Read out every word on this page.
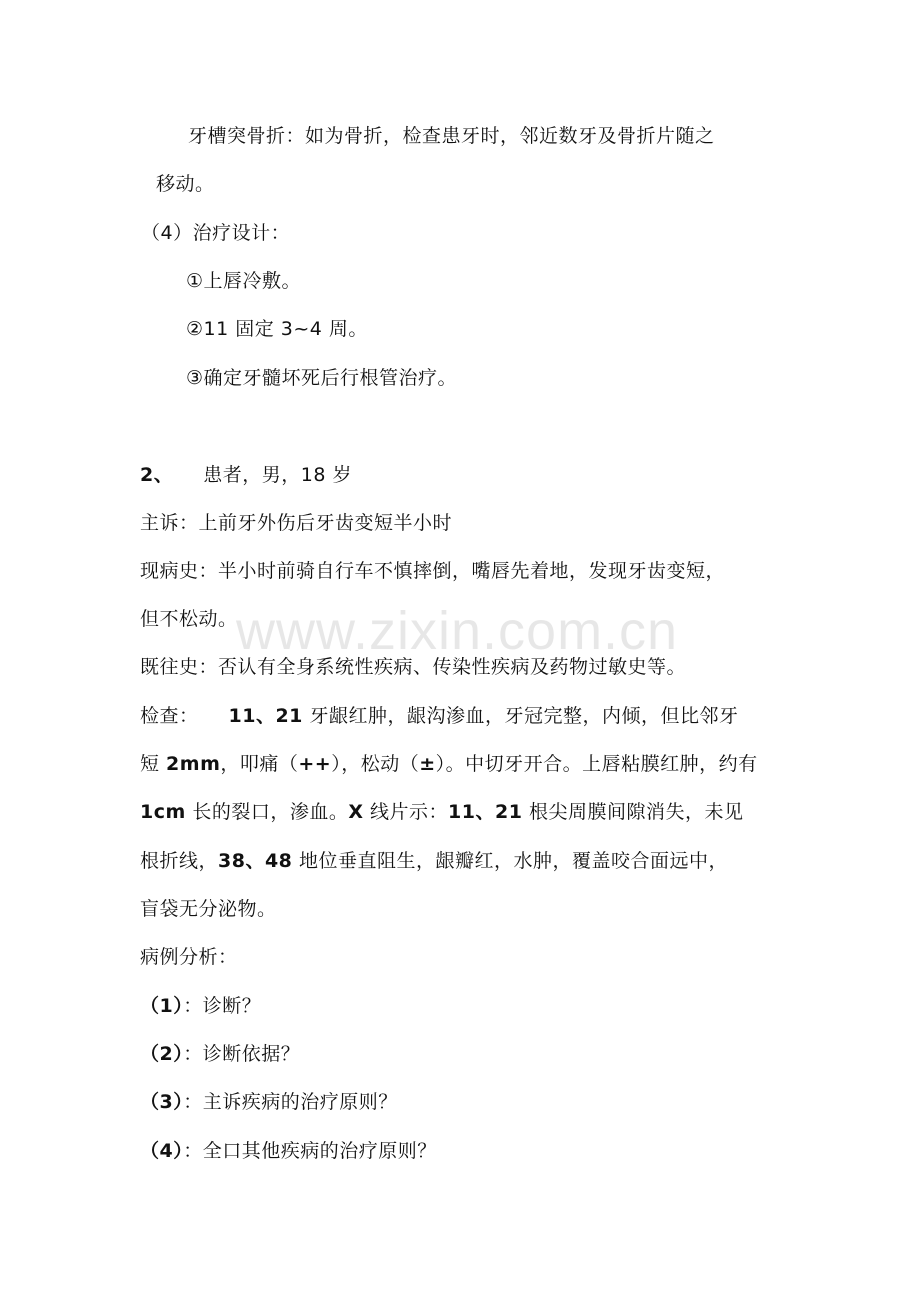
www.zixin.com.cn
牙槽突骨折：如为骨折，检查患牙时，邻近数牙及骨折片随之
移动。
（4）治疗设计：
①上唇冷敷。
②11 固定 3~4 周。
③确定牙髓坏死后行根管治疗。
2、 患者，男，18 岁
主诉：上前牙外伤后牙齿变短半小时
现病史：半小时前骑自行车不慎摔倒，嘴唇先着地，发现牙齿变短，
但不松动。
既往史：否认有全身系统性疾病、传染性疾病及药物过敏史等。
检查： 11、21 牙龈红肿，龈沟渗血，牙冠完整，内倾，但比邻牙
短 2mm，叩痛（++），松动（±）。中切牙开合。上唇粘膜红肿，约有
1cm 长的裂口，渗血。X 线片示：11、21 根尖周膜间隙消失，未见
根折线，38、48 地位垂直阻生，龈瓣红，水肿，覆盖咬合面远中，
盲袋无分泌物。
病例分析：
（1）：诊断？
（2）：诊断依据？
（3）：主诉疾病的治疗原则？
（4）：全口其他疾病的治疗原则？
